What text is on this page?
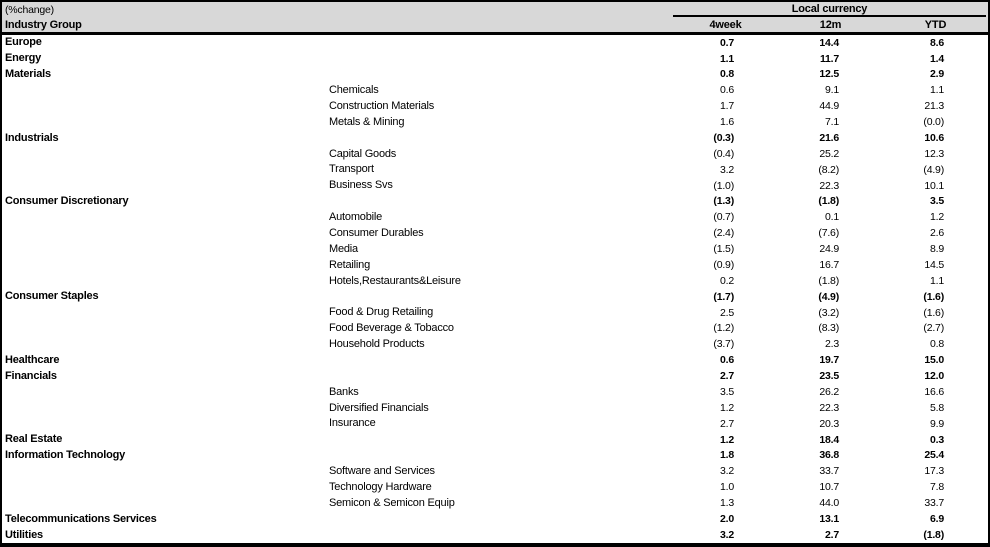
(%change)	Local currency
Industry Group	4week	12m	YTD
Europe	0.7	14.4	8.6
Energy	1.1	11.7	1.4
Materials	0.8	12.5	2.9
Chemicals	0.6	9.1	1.1
Construction Materials	1.7	44.9	21.3
Metals & Mining	1.6	7.1	(0.0)
Industrials	(0.3)	21.6	10.6
Capital Goods	(0.4)	25.2	12.3
Transport	3.2	(8.2)	(4.9)
Business Svs	(1.0)	22.3	10.1
Consumer Discretionary	(1.3)	(1.8)	3.5
Automobile	(0.7)	0.1	1.2
Consumer Durables	(2.4)	(7.6)	2.6
Media	(1.5)	24.9	8.9
Retailing	(0.9)	16.7	14.5
Hotels,Restaurants&Leisure	0.2	(1.8)	1.1
Consumer Staples	(1.7)	(4.9)	(1.6)
Food & Drug Retailing	2.5	(3.2)	(1.6)
Food Beverage & Tobacco	(1.2)	(8.3)	(2.7)
Household Products	(3.7)	2.3	0.8
Healthcare	0.6	19.7	15.0
Financials	2.7	23.5	12.0
Banks	3.5	26.2	16.6
Diversified Financials	1.2	22.3	5.8
Insurance	2.7	20.3	9.9
Real Estate	1.2	18.4	0.3
Information Technology	1.8	36.8	25.4
Software and Services	3.2	33.7	17.3
Technology Hardware	1.0	10.7	7.8
Semicon & Semicon Equip	1.3	44.0	33.7
Telecommunications Services	2.0	13.1	6.9
Utilities	3.2	2.7	(1.8)
